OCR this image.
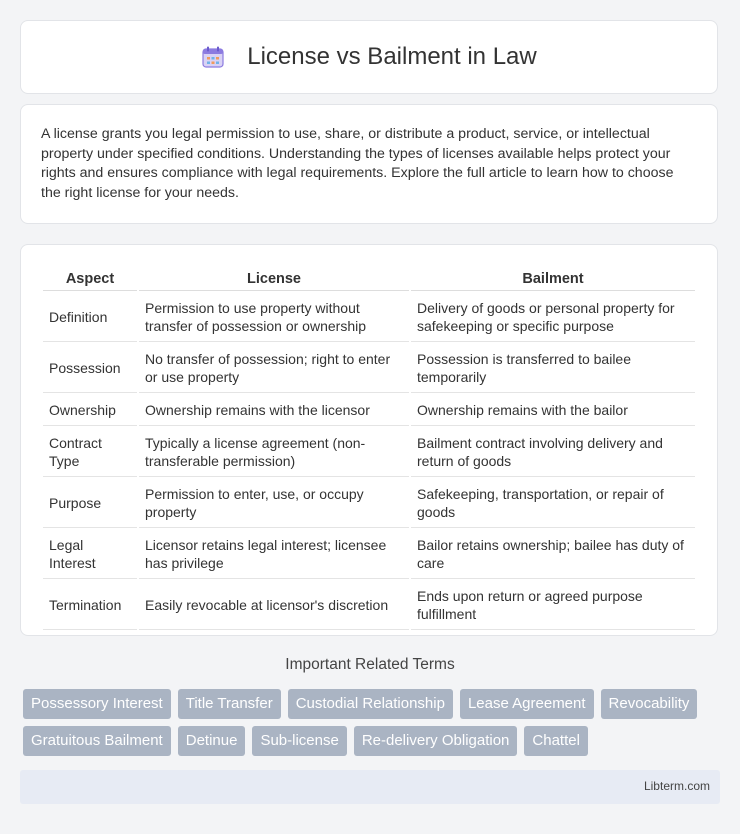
License vs Bailment in Law

A license grants you legal permission to use, share, or distribute a product, service, or intellectual property under specified conditions. Understanding the types of licenses available helps protect your rights and ensures compliance with legal requirements. Explore the full article to learn how to choose the right license for your needs.

Aspect	License	Bailment
Definition	Permission to use property without transfer of possession or ownership	Delivery of goods or personal property for safekeeping or specific purpose
Possession	No transfer of possession; right to enter or use property	Possession is transferred to bailee temporarily
Ownership	Ownership remains with the licensor	Ownership remains with the bailor
Contract Type	Typically a license agreement (non-transferable permission)	Bailment contract involving delivery and return of goods
Purpose	Permission to enter, use, or occupy property	Safekeeping, transportation, or repair of goods
Legal Interest	Licensor retains legal interest; licensee has privilege	Bailor retains ownership; bailee has duty of care
Termination	Easily revocable at licensor's discretion	Ends upon return or agreed purpose fulfillment
Important Related Terms
Possessory Interest	Title Transfer	Custodial Relationship	Lease Agreement	Revocability
Gratuitous Bailment	Detinue	Sub-license	Re-delivery Obligation	Chattel
Libterm.com
